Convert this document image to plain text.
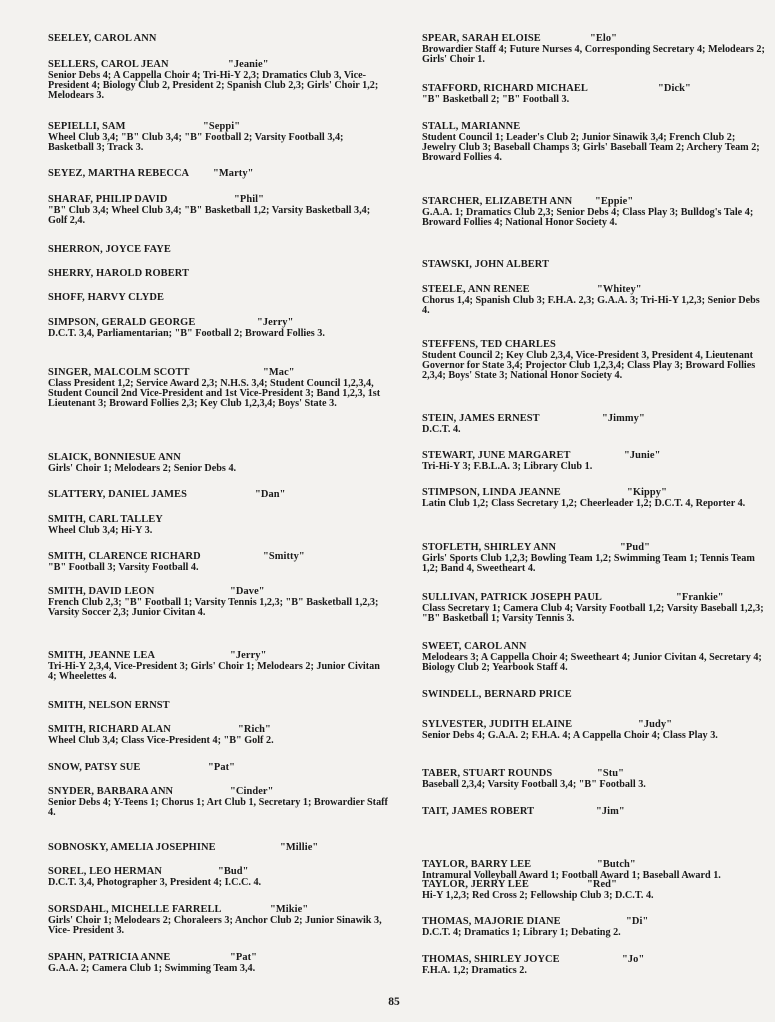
SEELEY, CAROL ANN
SELLERS, CAROL JEAN	"Jeanie"
Senior Debs 4; A Cappella Choir 4; Tri-Hi-Y 2,3; Dramatics Club 3, Vice-President 4; Biology Club 2, President 2; Spanish Club 2,3; Girls' Choir 1,2; Melodears 3.
SEPIELLI, SAM	"Seppi"
Wheel Club 3,4; "B" Club 3,4; "B" Football 2; Varsity Football 3,4; Basketball 3; Track 3.
SEYEZ, MARTHA REBECCA "Marty"
SHARAF, PHILIP DAVID	"Phil"
"B" Club 3,4; Wheel Club 3,4; "B" Basketball 1,2; Varsity Basketball 3,4; Golf 2,4.
SHERRON, JOYCE FAYE
SHERRY, HAROLD ROBERT
SHOFF, HARVY CLYDE
SIMPSON, GERALD GEORGE	"Jerry"
D.C.T. 3,4, Parliamentarian; "B" Football 2; Broward Follies 3.
SINGER, MALCOLM SCOTT	"Mac"
Class President 1,2; Service Award 2,3; N.H.S. 3,4; Student Council 1,2,3,4, Student Council 2nd Vice-President and 1st Vice-President 3; Band 1,2,3, 1st Lieutenant 3; Broward Follies 2,3; Key Club 1,2,3,4; Boys' State 3.
SLAICK, BONNIESUE ANN
Girls' Choir 1; Melodears 2; Senior Debs 4.
SLATTERY, DANIEL JAMES	"Dan"
SMITH, CARL TALLEY
Wheel Club 3,4; Hi-Y 3.
SMITH, CLARENCE RICHARD	"Smitty"
"B" Football 3; Varsity Football 4.
SMITH, DAVID LEON	"Dave"
French Club 2,3; "B" Football 1; Varsity Tennis 1,2,3; "B" Basketball 1,2,3; Varsity Soccer 2,3; Junior Civitan 4.
SMITH, JEANNE LEA	"Jerry"
Tri-Hi-Y 2,3,4, Vice-President 3; Girls' Choir 1; Melodears 2; Junior Civitan 4; Wheelettes 4.
SMITH, NELSON ERNST
SMITH, RICHARD ALAN	"Rich"
Wheel Club 3,4; Class Vice-President 4; "B" Golf 2.
SNOW, PATSY SUE	"Pat"
SNYDER, BARBARA ANN	"Cinder"
Senior Debs 4; Y-Teens 1; Chorus 1; Art Club 1, Secretary 1; Browardier Staff 4.
SOBNOSKY, AMELIA JOSEPHINE	"Millie"
SOREL, LEO HERMAN	"Bud"
D.C.T. 3,4, Photographer 3, President 4; I.C.C. 4.
SORSDAHL, MICHELLE FARRELL	"Mikie"
Girls' Choir 1; Melodears 2; Choraleers 3; Anchor Club 2; Junior Sinawik 3, Vice- President 3.
SPAHN, PATRICIA ANNE	"Pat"
G.A.A. 2; Camera Club 1; Swimming Team 3,4.
SPEAR, SARAH ELOISE	"Elo"
Browardier Staff 4; Future Nurses 4, Corresponding Secretary 4; Melodears 2; Girls' Choir 1.
STAFFORD, RICHARD MICHAEL	"Dick"
"B" Basketball 2; "B" Football 3.
STALL, MARIANNE
Student Council 1; Leader's Club 2; Junior Sinawik 3,4; French Club 2; Jewelry Club 3; Baseball Champs 3; Girls' Baseball Team 2; Archery Team 2; Broward Follies 4.
STARCHER, ELIZABETH ANN "Eppie"
G.A.A. 1; Dramatics Club 2,3; Senior Debs 4; Class Play 3; Bulldog's Tale 4; Broward Follies 4; National Honor Society 4.
STAWSKI, JOHN ALBERT
STEELE, ANN RENEE	"Whitey"
Chorus 1,4; Spanish Club 3; F.H.A. 2,3; G.A.A. 3; Tri-Hi-Y 1,2,3; Senior Debs 4.
STEFFENS, TED CHARLES
Student Council 2; Key Club 2,3,4, Vice-President 3, President 4, Lieutenant Governor for State 3,4; Projector Club 1,2,3,4; Class Play 3; Broward Follies 2,3,4; Boys' State 3; National Honor Society 4.
STEIN, JAMES ERNEST	"Jimmy"
D.C.T. 4.
STEWART, JUNE MARGARET	"Junie"
Tri-Hi-Y 3; F.B.L.A. 3; Library Club 1.
STIMPSON, LINDA JEANNE	"Kippy"
Latin Club 1,2; Class Secretary 1,2; Cheerleader 1,2; D.C.T. 4, Reporter 4.
STOFLETH, SHIRLEY ANN	"Pud"
Girls' Sports Club 1,2,3; Bowling Team 1,2; Swimming Team 1; Tennis Team 1,2; Band 4, Sweetheart 4.
SULLIVAN, PATRICK JOSEPH PAUL	"Frankie"
Class Secretary 1; Camera Club 4; Varsity Football 1,2; Varsity Baseball 1,2,3; "B" Basketball 1; Varsity Tennis 3.
SWEET, CAROL ANN
Melodears 3; A Cappella Choir 4; Sweetheart 4; Junior Civitan 4, Secretary 4; Biology Club 2; Yearbook Staff 4.
SWINDELL, BERNARD PRICE
SYLVESTER, JUDITH ELAINE	"Judy"
Senior Debs 4; G.A.A. 2; F.H.A. 4; A Cappella Choir 4; Class Play 3.
TABER, STUART ROUNDS	"Stu"
Baseball 2,3,4; Varsity Football 3,4; "B" Football 3.
TAIT, JAMES ROBERT	"Jim"
TAYLOR, BARRY LEE	"Butch"
Intramural Volleyball Award 1; Football Award 1; Baseball Award 1.
TAYLOR, JERRY LEE	"Red"
Hi-Y 1,2,3; Red Cross 2; Fellowship Club 3; D.C.T. 4.
THOMAS, MAJORIE DIANE	"Di"
D.C.T. 4; Dramatics 1; Library 1; Debating 2.
THOMAS, SHIRLEY JOYCE	"Jo"
F.H.A. 1,2; Dramatics 2.
85
